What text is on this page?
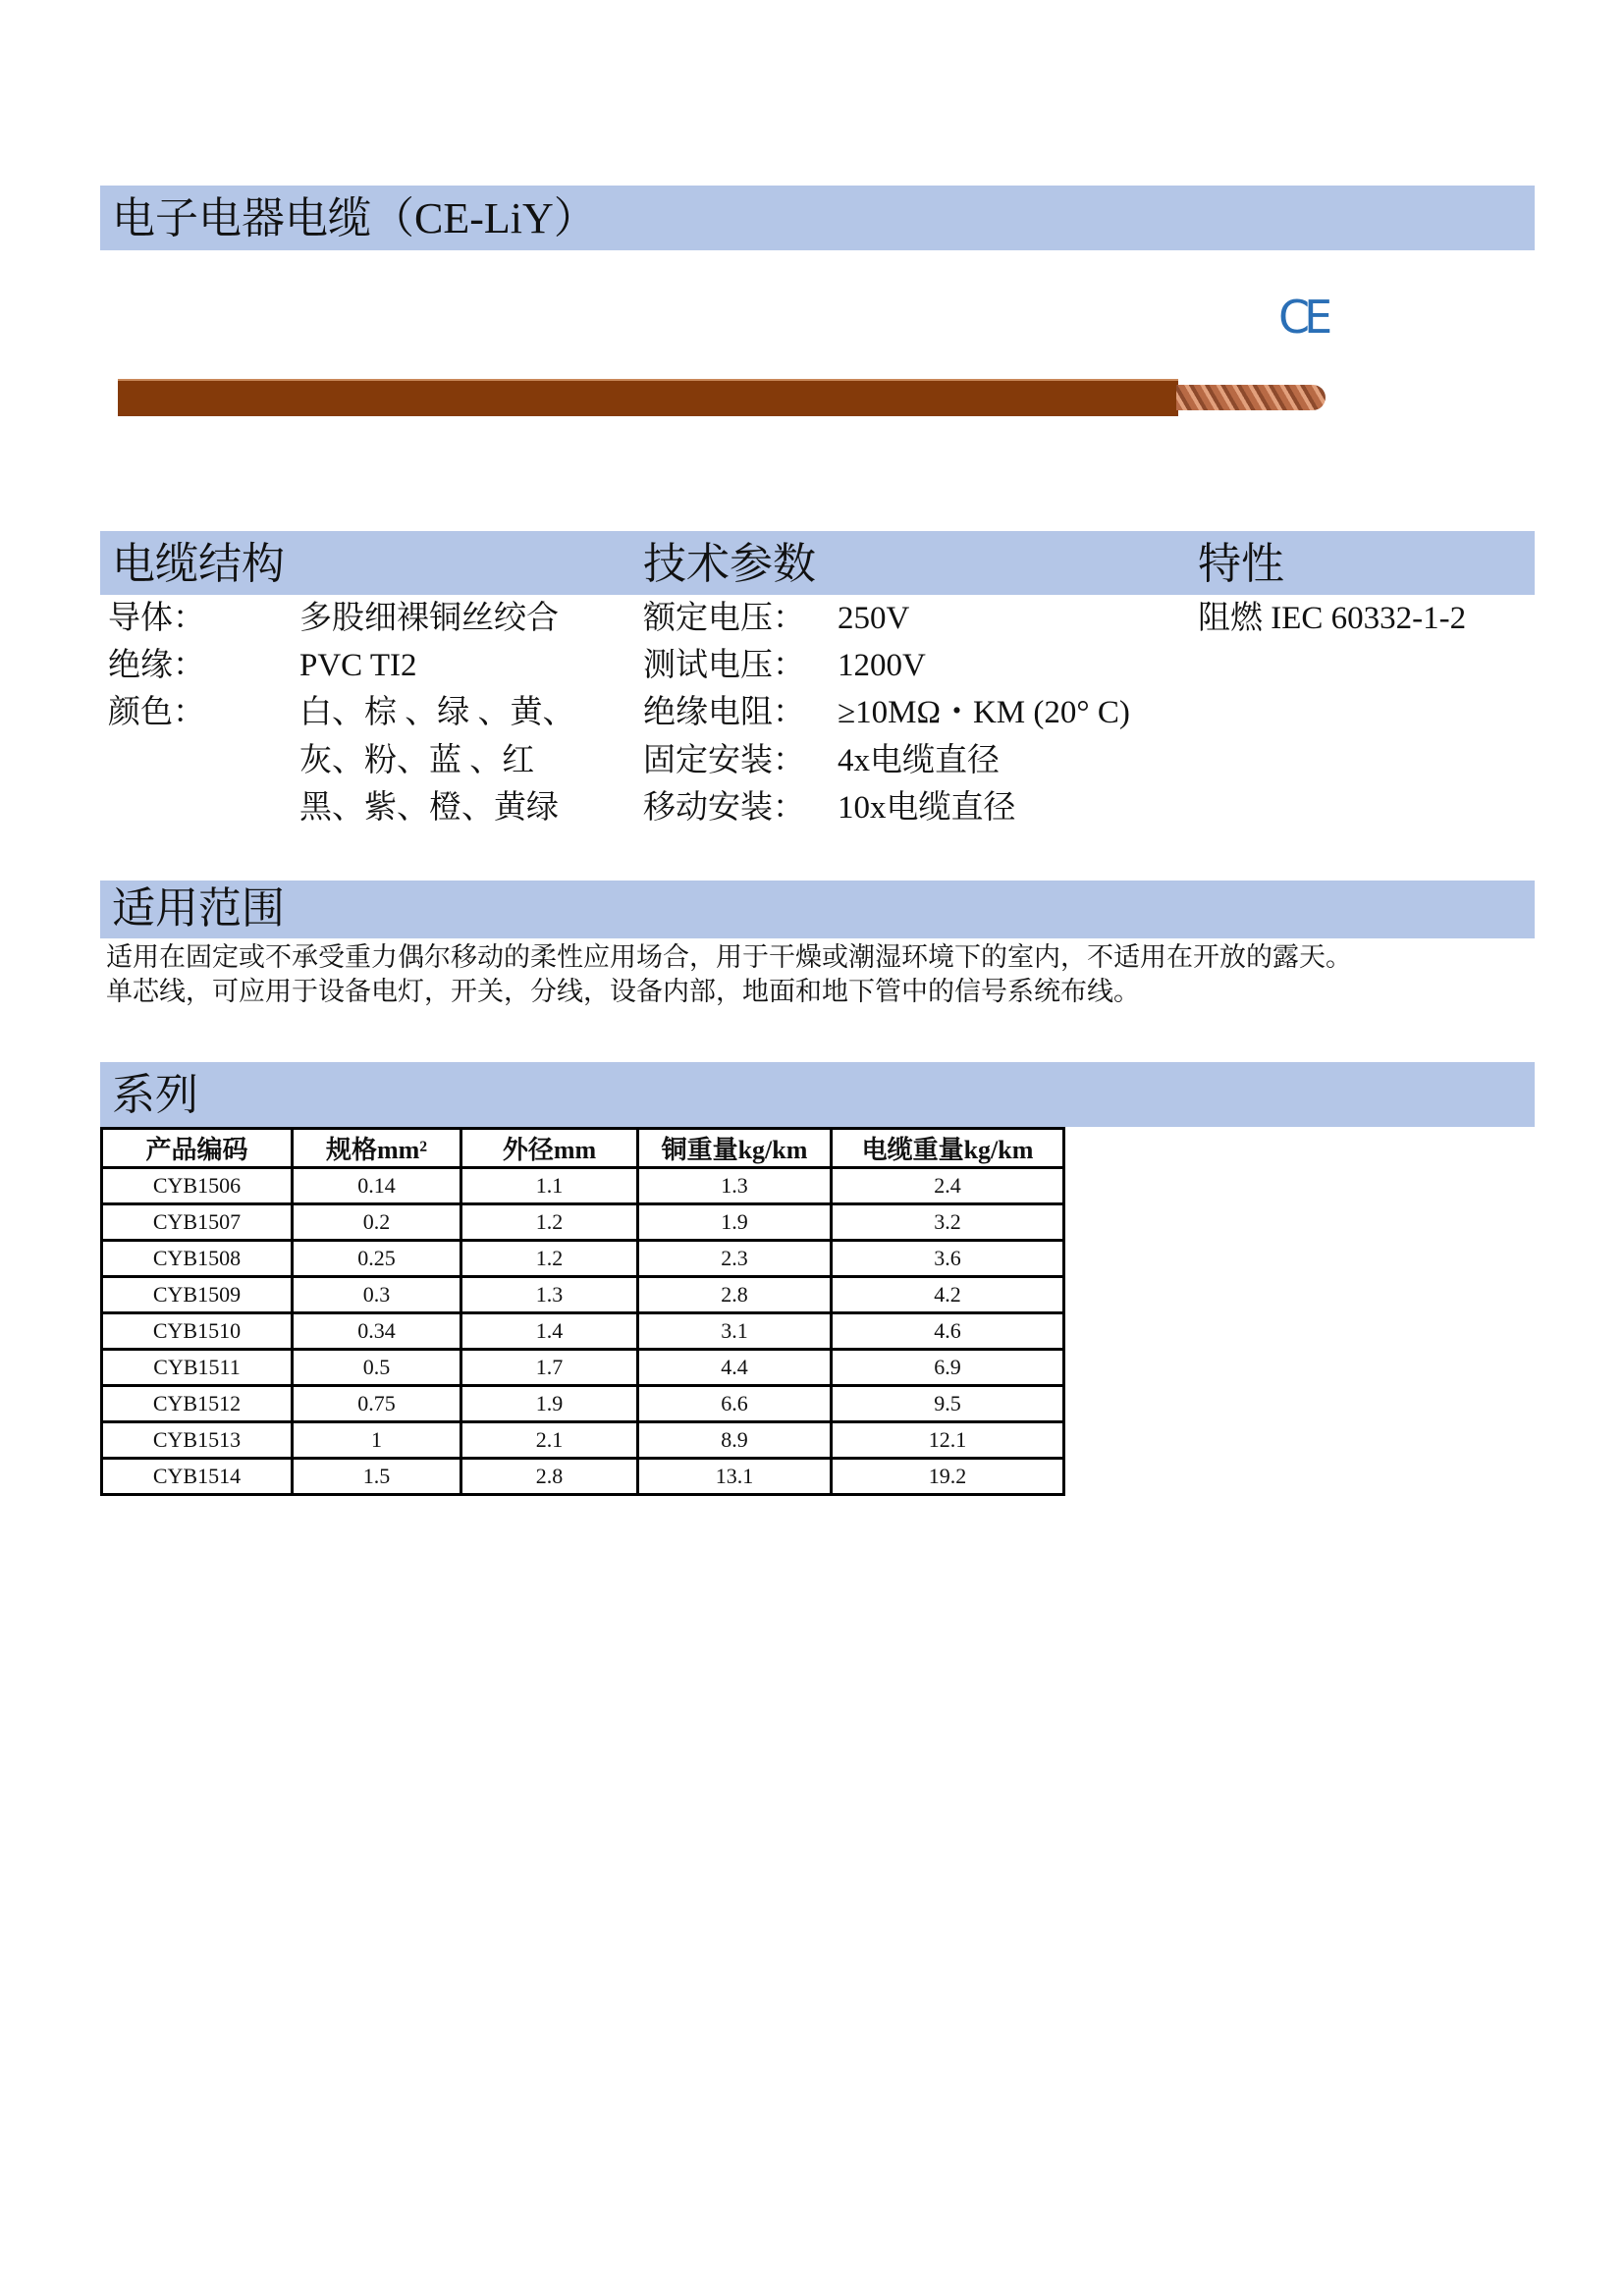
电子电器电缆（CE-LiY）
CE
电缆结构	技术参数	特性
导体：	多股细裸铜丝绞合
绝缘：	PVC TI2
颜色：	白、棕 、绿 、黄、
灰、粉、蓝 、红
黑、紫、橙、黄绿
额定电压： 250V
测试电压： 1200V
绝缘电阻： ≥10MΩ・KM (20° C)
固定安装： 4x电缆直径
移动安装： 10x电缆直径
阻燃 IEC 60332-1-2
适用范围
适用在固定或不承受重力偶尔移动的柔性应用场合，用于干燥或潮湿环境下的室内，不适用在开放的露天。
单芯线，可应用于设备电灯，开关，分线，设备内部，地面和地下管中的信号系统布线。
系列
产品编码	规格mm²	外径mm	铜重量kg/km	电缆重量kg/km
CYB1506	0.14	1.1	1.3	2.4
CYB1507	0.2	1.2	1.9	3.2
CYB1508	0.25	1.2	2.3	3.6
CYB1509	0.3	1.3	2.8	4.2
CYB1510	0.34	1.4	3.1	4.6
CYB1511	0.5	1.7	4.4	6.9
CYB1512	0.75	1.9	6.6	9.5
CYB1513	1	2.1	8.9	12.1
CYB1514	1.5	2.8	13.1	19.2
